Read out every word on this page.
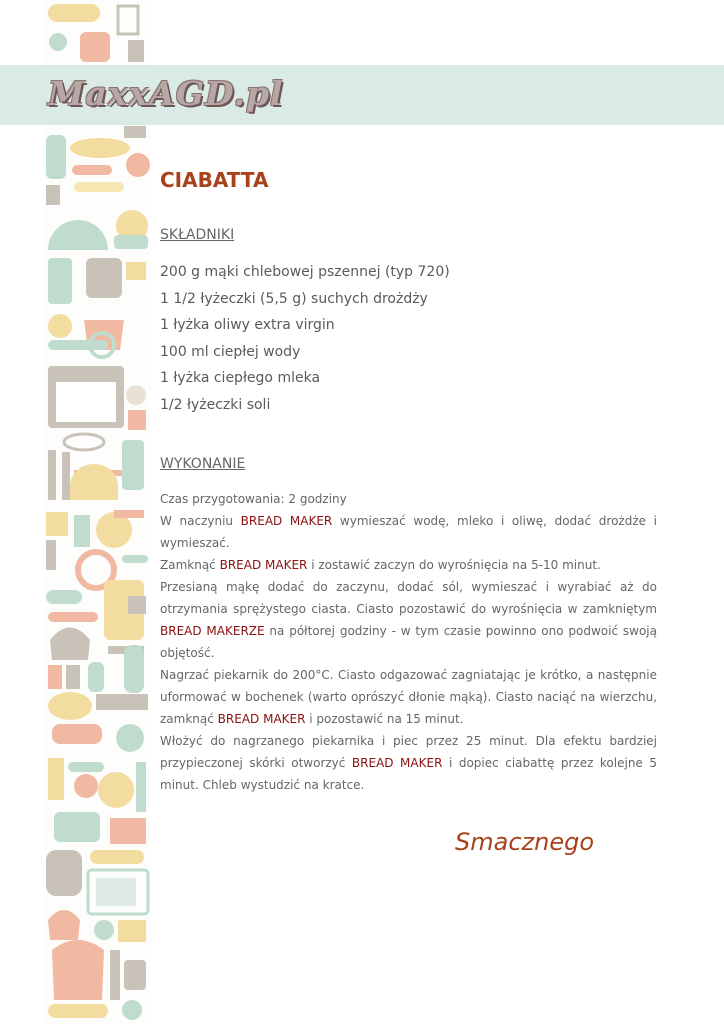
MaxxAGD.pl
CIABATTA
SKŁADNIKI
200 g mąki chlebowej pszennej (typ 720)
1 1/2 łyżeczki (5,5 g) suchych drożdży
1 łyżka oliwy extra virgin
100 ml ciepłej wody
1 łyżka ciepłego mleka
1/2 łyżeczki soli
WYKONANIE

Czas przygotowania: 2 godziny

W naczyniu BREAD MAKER wymieszać wodę, mleko i oliwę, dodać drożdże i wymieszać.

Zamknąć BREAD MAKER i zostawić zaczyn do wyrośnięcia na 5-10 minut.

Przesianą mąkę dodać do zaczynu, dodać sól, wymieszać i wyrabiać aż do otrzymania sprężystego ciasta. Ciasto pozostawić do wyrośnięcia w zamkniętym BREAD MAKERZE na półtorej godziny - w tym czasie powinno ono podwoić swoją objętość.

Nagrzać piekarnik do 200°C. Ciasto odgazować zagniatając je krótko, a następnie uformować w bochenek (warto oprószyć dłonie mąką). Ciasto naciąć na wierzchu, zamknąć BREAD MAKER i pozostawić na 15 minut.

Włożyć do nagrzanego piekarnika i piec przez 25 minut. Dla efektu bardziej przypieczonej skórki otworzyć BREAD MAKER i dopiec ciabattę przez kolejne 5 minut. Chleb wystudzić na kratce.

Smacznego
